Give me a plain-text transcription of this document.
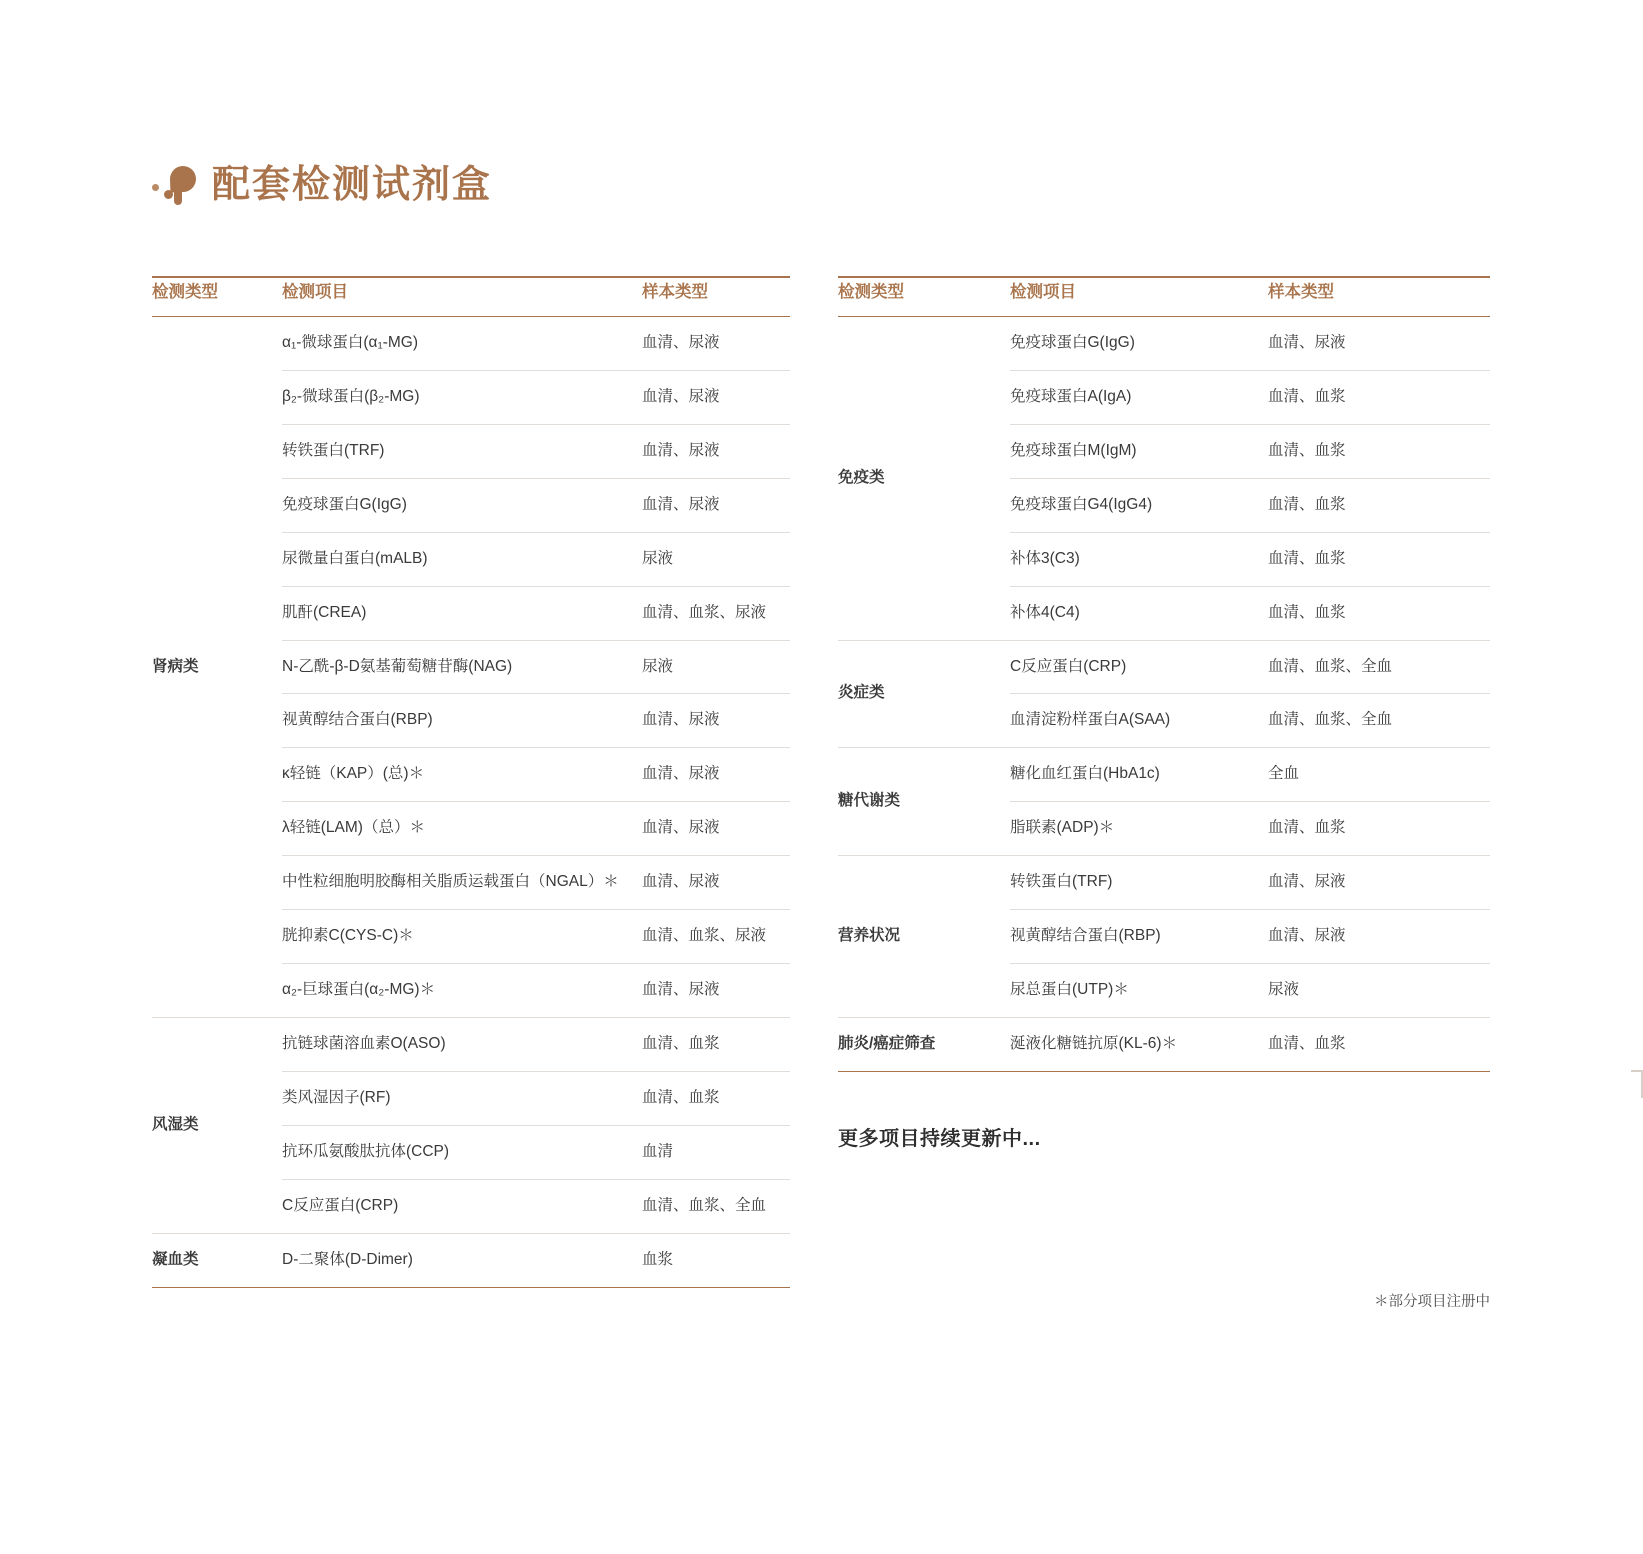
配套检测试剂盒
检测类型	检测项目	样本类型
肾病类	α₁-微球蛋白(α₁-MG)	血清、尿液
	β₂-微球蛋白(β₂-MG)	血清、尿液
	转铁蛋白(TRF)	血清、尿液
	免疫球蛋白G(IgG)	血清、尿液
	尿微量白蛋白(mALB)	尿液
	肌酐(CREA)	血清、血浆、尿液
	N-乙酰-β-D氨基葡萄糖苷酶(NAG)	尿液
	视黄醇结合蛋白(RBP)	血清、尿液
	κ轻链（KAP）(总)＊	血清、尿液
	λ轻链(LAM)（总）＊	血清、尿液
	中性粒细胞明胶酶相关脂质运载蛋白（NGAL）＊	血清、尿液
	胱抑素C(CYS-C)＊	血清、血浆、尿液
	α₂-巨球蛋白(α₂-MG)＊	血清、尿液
风湿类	抗链球菌溶血素O(ASO)	血清、血浆
	类风湿因子(RF)	血清、血浆
	抗环瓜氨酸肽抗体(CCP)	血清
	C反应蛋白(CRP)	血清、血浆、全血
凝血类	D-二聚体(D-Dimer)	血浆
检测类型	检测项目	样本类型
免疫类	免疫球蛋白G(IgG)	血清、尿液
	免疫球蛋白A(IgA)	血清、血浆
	免疫球蛋白M(IgM)	血清、血浆
	免疫球蛋白G4(IgG4)	血清、血浆
	补体3(C3)	血清、血浆
	补体4(C4)	血清、血浆
炎症类	C反应蛋白(CRP)	血清、血浆、全血
	血清淀粉样蛋白A(SAA)	血清、血浆、全血
糖代谢类	糖化血红蛋白(HbA1c)	全血
	脂联素(ADP)＊	血清、血浆
营养状况	转铁蛋白(TRF)	血清、尿液
	视黄醇结合蛋白(RBP)	血清、尿液
	尿总蛋白(UTP)＊	尿液
肺炎/癌症筛查	涎液化糖链抗原(KL-6)＊	血清、血浆
更多项目持续更新中...
＊部分项目注册中
